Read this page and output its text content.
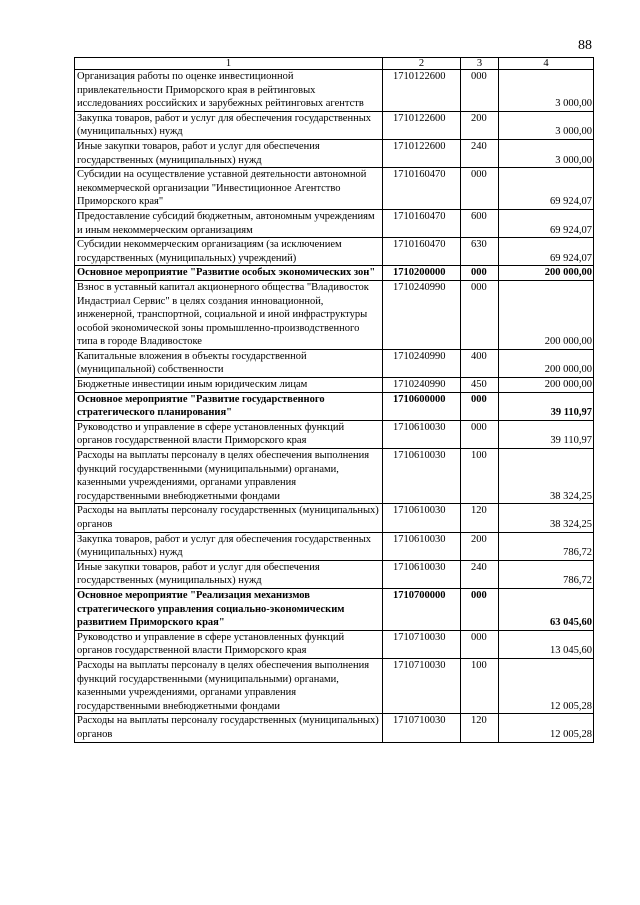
88
1	2	3	4
Организация работы по оценке инвестиционной привлекательности Приморского края в рейтинговых исследованиях российских и зарубежных рейтинговых агентств	1710122600	000	3 000,00
Закупка товаров, работ и услуг для обеспечения государственных (муниципальных) нужд	1710122600	200	3 000,00
Иные закупки товаров, работ и услуг для обеспечения государственных (муниципальных) нужд	1710122600	240	3 000,00
Субсидии на осуществление уставной деятельности автономной некоммерческой организации "Инвестиционное Агентство Приморского края"	1710160470	000	69 924,07
Предоставление субсидий бюджетным, автономным учреждениям и иным некоммерческим организациям	1710160470	600	69 924,07
Субсидии некоммерческим организациям (за исключением государственных (муниципальных) учреждений)	1710160470	630	69 924,07
Основное мероприятие "Развитие особых экономических зон"	1710200000	000	200 000,00
Взнос в уставный капитал акционерного общества "Владивосток Индастриал Сервис" в целях создания инновационной, инженерной, транспортной, социальной и иной инфраструктуры особой экономической зоны промышленно-производственного типа в городе Владивостоке	1710240990	000	200 000,00
Капитальные вложения в объекты государственной (муниципальной) собственности	1710240990	400	200 000,00
Бюджетные инвестиции иным юридическим лицам	1710240990	450	200 000,00
Основное мероприятие "Развитие государственного стратегического планирования"	1710600000	000	39 110,97
Руководство и управление в сфере установленных функций органов государственной власти Приморского края	1710610030	000	39 110,97
Расходы на выплаты персоналу в целях обеспечения выполнения функций государственными (муниципальными) органами, казенными учреждениями, органами управления государственными внебюджетными фондами	1710610030	100	38 324,25
Расходы на выплаты персоналу государственных (муниципальных) органов	1710610030	120	38 324,25
Закупка товаров, работ и услуг для обеспечения государственных (муниципальных) нужд	1710610030	200	786,72
Иные закупки товаров, работ и услуг для обеспечения государственных (муниципальных) нужд	1710610030	240	786,72
Основное мероприятие "Реализация механизмов стратегического управления социально-экономическим развитием Приморского края"	1710700000	000	63 045,60
Руководство и управление в сфере установленных функций органов государственной власти Приморского края	1710710030	000	13 045,60
Расходы на выплаты персоналу в целях обеспечения выполнения функций государственными (муниципальными) органами, казенными учреждениями, органами управления государственными внебюджетными фондами	1710710030	100	12 005,28
Расходы на выплаты персоналу государственных (муниципальных) органов	1710710030	120	12 005,28
